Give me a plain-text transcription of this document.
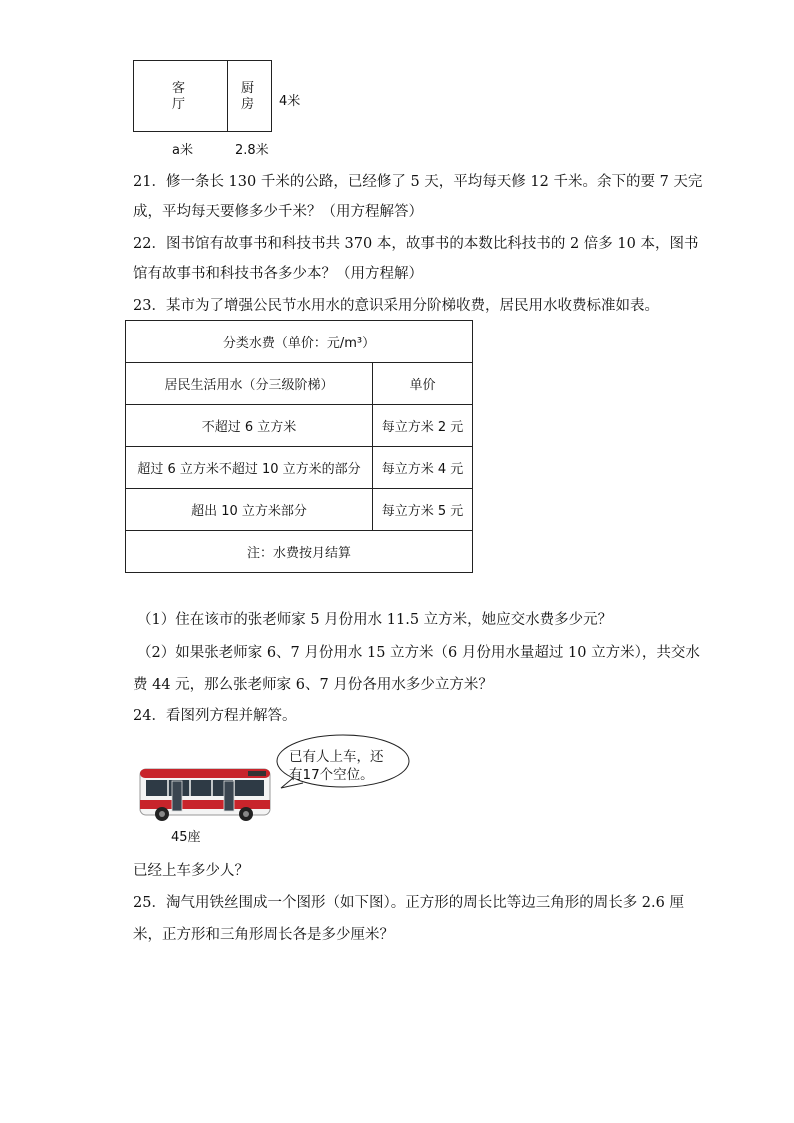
客
厅
厨
房 4米
a米	2.8米
21．修一条长 130 千米的公路，已经修了 5 天，平均每天修 12 千米。余下的要 7 天完
成，平均每天要修多少千米？（用方程解答）
22．图书馆有故事书和科技书共 370 本，故事书的本数比科技书的 2 倍多 10 本，图书
馆有故事书和科技书各多少本？（用方程解）
23．某市为了增强公民节水用水的意识采用分阶梯收费，居民用水收费标准如表。
分类水费（单价：元/m³）	
居民生活用水（分三级阶梯）	单价
不超过 6 立方米	每立方米 2 元
超过 6 立方米不超过 10 立方米的部分	每立方米 4 元
超出 10 立方米部分	每立方米 5 元
注：水费按月结算	
（1）住在该市的张老师家 5 月份用水 11.5 立方米，她应交水费多少元？
（2）如果张老师家 6、7 月份用水 15 立方米（6 月份用水量超过 10 立方米），共交水
费 44 元，那么张老师家 6、7 月份各用水多少立方米？
24．看图列方程并解答。
已有人上车，还
有17个空位。
45座
已经上车多少人？
25．淘气用铁丝围成一个图形（如下图）。正方形的周长比等边三角形的周长多 2.6 厘
米，正方形和三角形周长各是多少厘米？
